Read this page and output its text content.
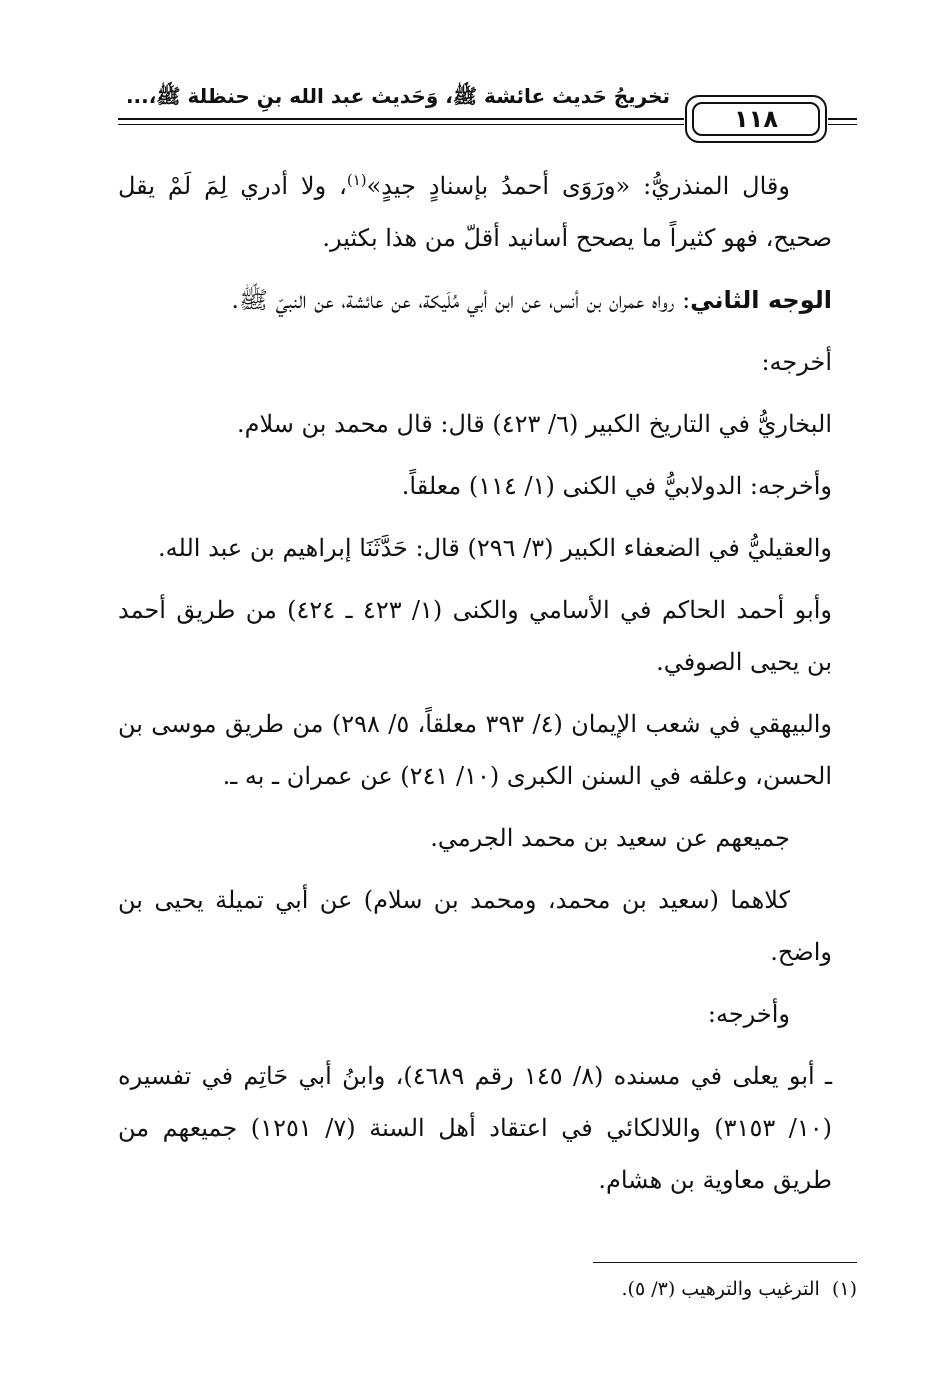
تخريجُ حَديث عائشة ﷺ، وَحَديث عبد الله بنِ حنظلة ﷺ،...
١١٨

وقال المنذريُّ: «ورَوَى أحمدُ بإسنادٍ جيدٍ»$^{(١)}$، ولا أدري لِمَ لَمْ يقل صحيح، فهو كثيراً ما يصحح أسانيد أقلّ من هذا بكثير.

الوجه الثاني: رواه عمران بن أنس، عن ابن أبي مُلَيكة، عن عائشة، عن النبيّ ﷺ.

أخرجه:

البخاريُّ في التاريخ الكبير (٦/ ٤٢٣) قال: قال محمد بن سلام.

وأخرجه: الدولابيُّ في الكنى (١/ ١١٤) معلقاً.

والعقيليُّ في الضعفاء الكبير (٣/ ٢٩٦) قال: حَدَّثَنَا إبراهيم بن عبد الله.

وأبو أحمد الحاكم في الأسامي والكنى (١/ ٤٢٣ ـ ٤٢٤) من طريق أحمد بن يحيى الصوفي.

والبيهقي في شعب الإيمان (٤/ ٣٩٣ معلقاً، ٥/ ٢٩٨) من طريق موسى بن الحسن، وعلقه في السنن الكبرى (١٠/ ٢٤١) عن عمران ـ به ـ.

جميعهم عن سعيد بن محمد الجرمي.

كلاهما (سعيد بن محمد، ومحمد بن سلام) عن أبي تميلة يحيى بن واضح.

وأخرجه:

ـ أبو يعلى في مسنده (٨/ ١٤٥ رقم ٤٦٨٩)، وابنُ أبي حَاتِم في تفسيره (١٠/ ٣١٥٣) واللالكائي في اعتقاد أهل السنة (٧/ ١٢٥١) جميعهم من طريق معاوية بن هشام.

(١)  الترغيب والترهيب (٣/ ٥).
